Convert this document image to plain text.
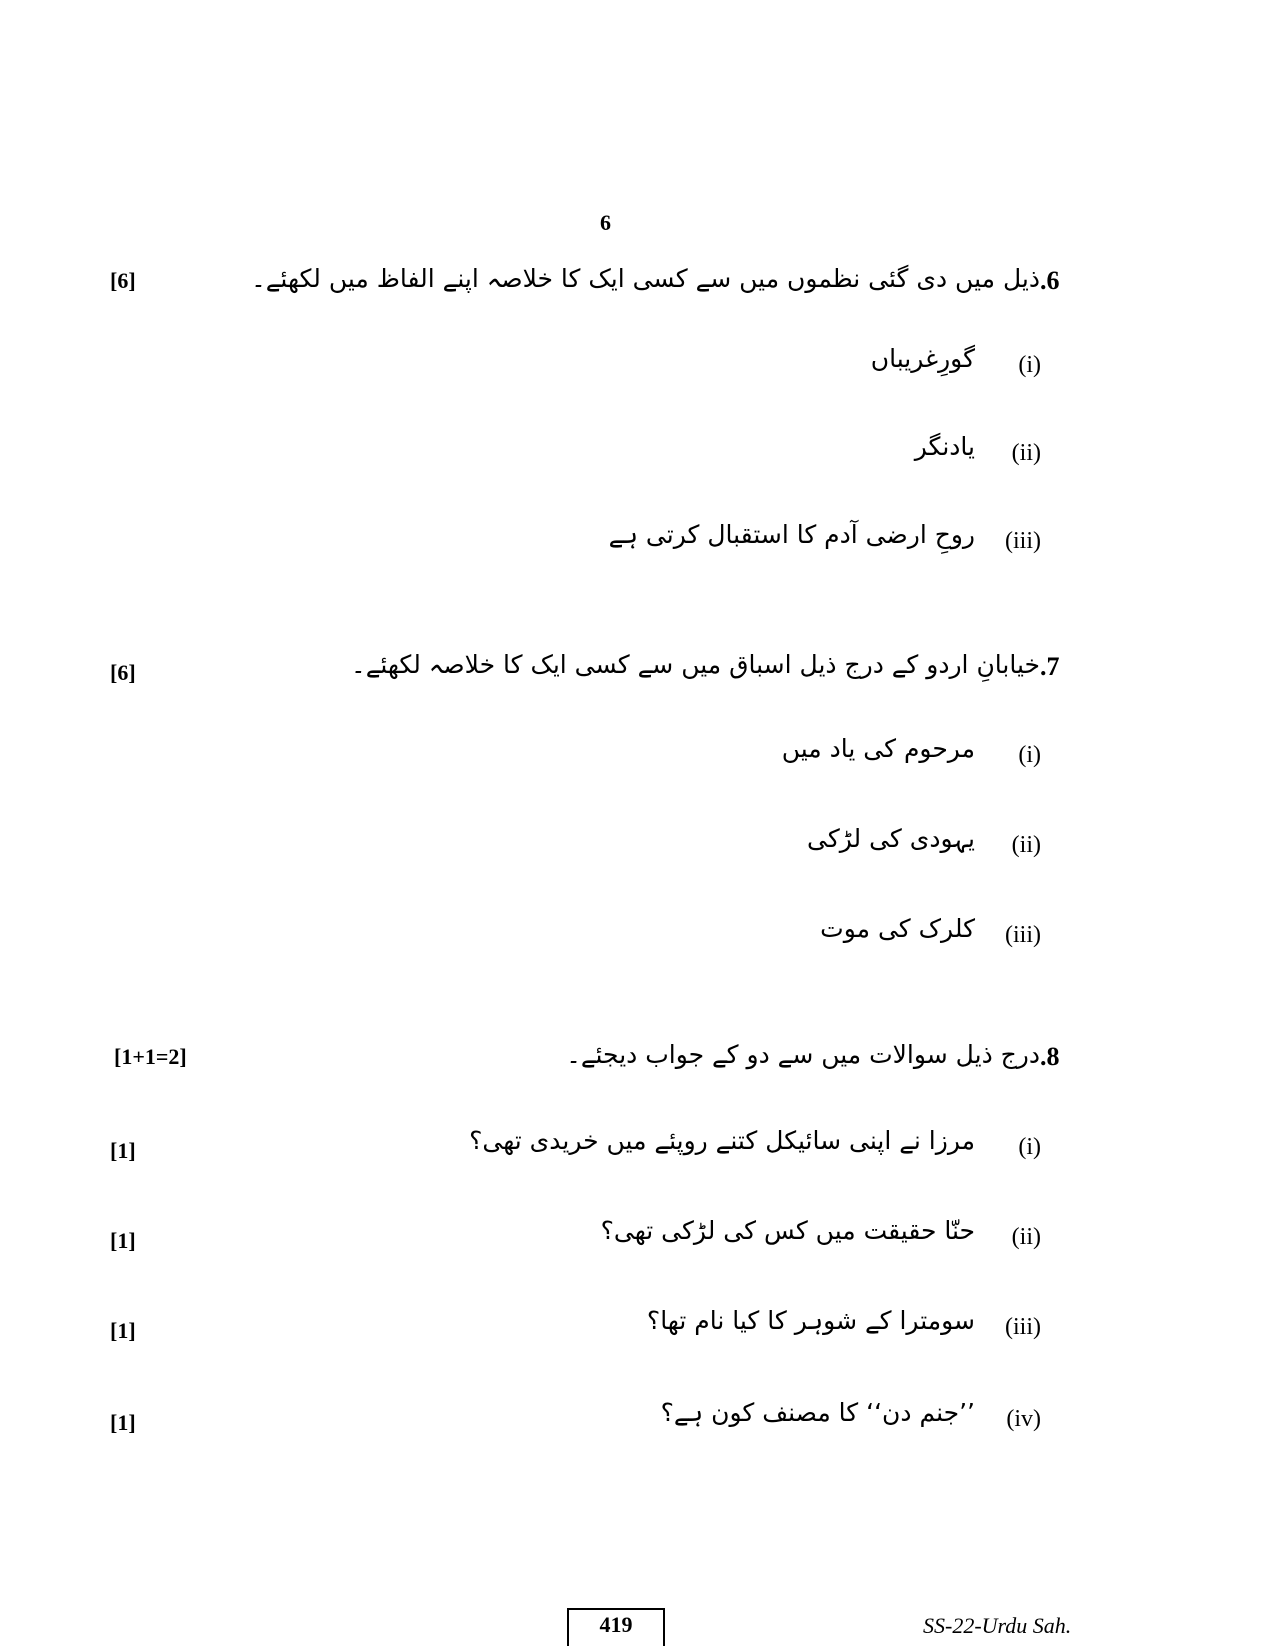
6
.6
ذیل میں دی گئی نظموں میں سے کسی ایک کا خلاصہ اپنے الفاظ میں لکھئے۔
[6]
(i)
گورِغریباں
(ii)
یادنگر
(iii)
روحِ ارضی آدم کا استقبال کرتی ہے
.7
خیابانِ اردو کے درج ذیل اسباق میں سے کسی ایک کا خلاصہ لکھئے۔
[6]
(i)
مرحوم کی یاد میں
(ii)
یہودی کی لڑکی
(iii)
کلرک کی موت
.8
درج ذیل سوالات میں سے دو کے جواب دیجئے۔
[1+1=2]
(i)
مرزا نے اپنی سائیکل کتنے روپئے میں خریدی تھی؟
[1]
(ii)
حنّا حقیقت میں کس کی لڑکی تھی؟
[1]
(iii)
سومترا کے شوہر کا کیا نام تھا؟
[1]
(iv)
’’جنم دن‘‘ کا مصنف کون ہے؟
[1]
419	SS-22-Urdu Sah.
